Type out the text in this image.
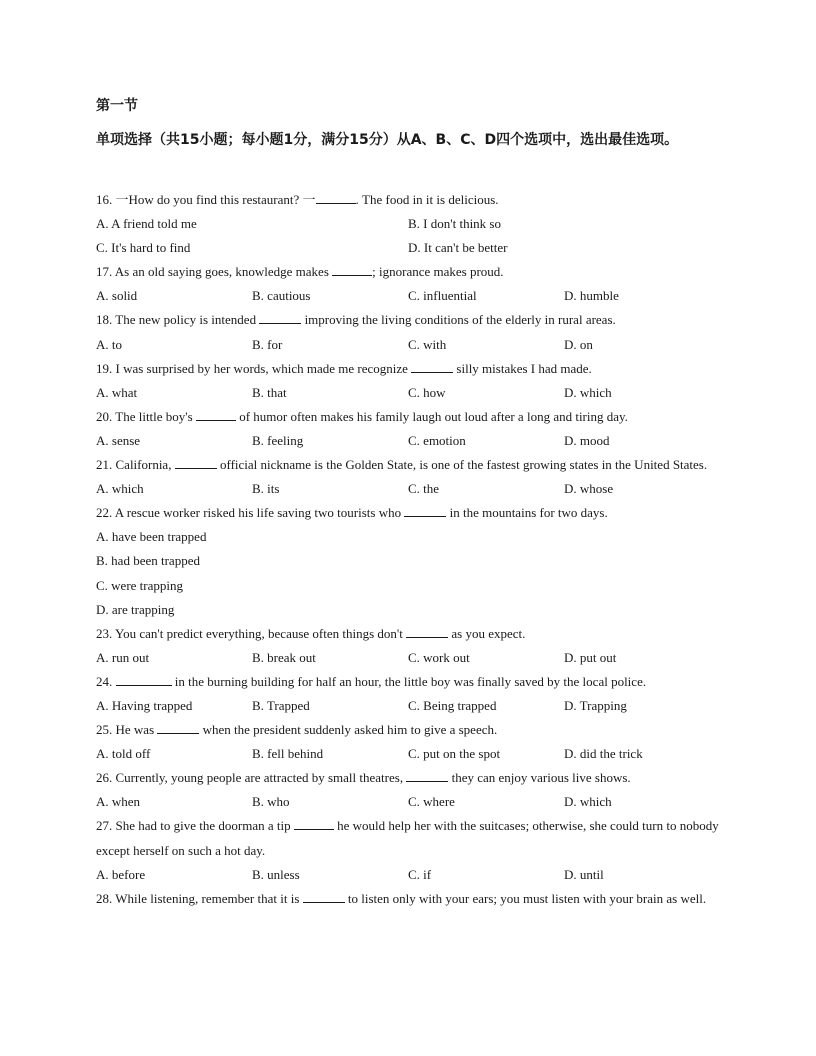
第一节
单项选择（共15小题；每小题1分，满分15分）从A、B、C、D四个选项中，选出最佳选项。
16. 一How do you find this restaurant? 一	. The food in it is delicious.
A. A friend told me	B. I don't think so
C. It's hard to find	D. It can't be better
17. As an old saying goes, knowledge makes	; ignorance makes proud.
A. solid	B. cautious	C. influential	D. humble
18. The new policy is intended	improving the living conditions of the elderly in rural areas.
A. to	B. for	C. with	D. on
19. I was surprised by her words, which made me recognize	silly mistakes I had made.
A. what	B. that	C. how	D. which
20. The little boy's	of humor often makes his family laugh out loud after a long and tiring day.
A. sense	B. feeling	C. emotion	D. mood
21. California,	official nickname is the Golden State, is one of the fastest growing states in the United States.
A. which	B. its	C. the	D. whose
22. A rescue worker risked his life saving two tourists who	in the mountains for two days.
A. have been trapped
B. had been trapped
C. were trapping
D. are trapping
23. You can't predict everything, because often things don't	as you expect.
A. run out	B. break out	C. work out	D. put out
24.	in the burning building for half an hour, the little boy was finally saved by the local police.
A. Having trapped	B. Trapped	C. Being trapped	D. Trapping
25. He was	when the president suddenly asked him to give a speech.
A. told off	B. fell behind	C. put on the spot	D. did the trick
26. Currently, young people are attracted by small theatres,	they can enjoy various live shows.
A. when	B. who	C. where	D. which
27. She had to give the doorman a tip	he would help her with the suitcases; otherwise, she could turn to nobody except herself on such a hot day.
A. before	B. unless	C. if	D. until
28. While listening, remember that it is	to listen only with your ears; you must listen with your brain as well.
